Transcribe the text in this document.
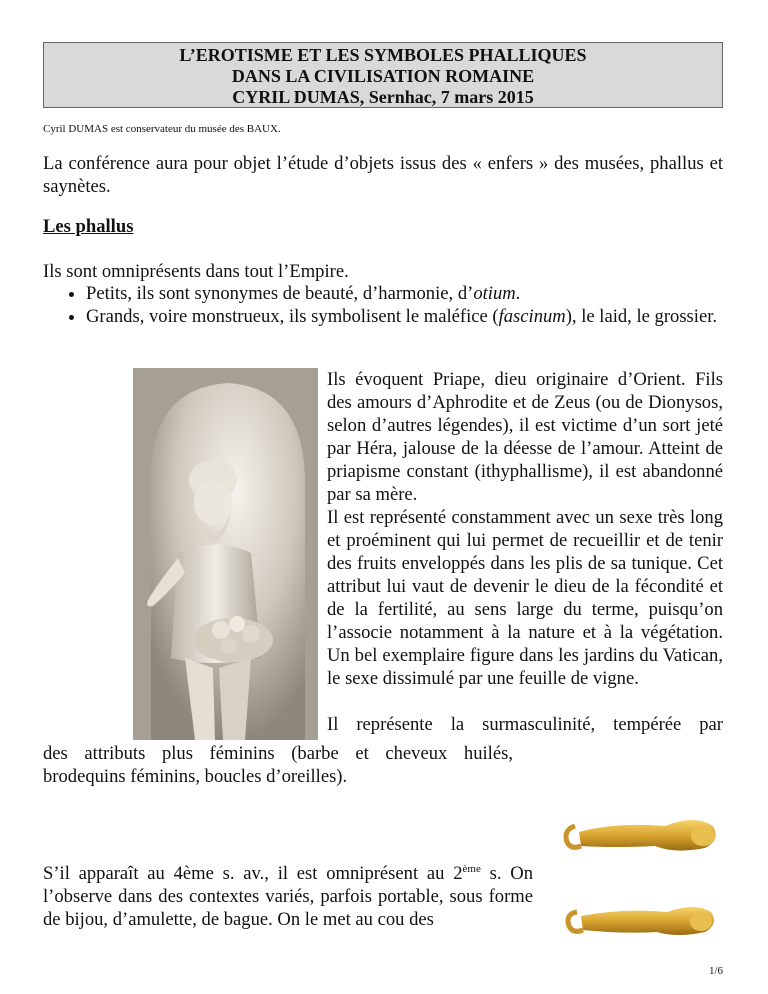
L’EROTISME ET LES SYMBOLES PHALLIQUES
DANS LA CIVILISATION ROMAINE
CYRIL DUMAS, Sernhac, 7 mars 2015
Cyril DUMAS est conservateur du musée des BAUX.
La conférence aura pour objet l’étude d’objets issus des « enfers » des musées, phallus et saynètes.
Les phallus
Ils sont omniprésents dans tout l’Empire.
• Petits, ils sont synonymes de beauté, d’harmonie, d’otium.
• Grands, voire monstrueux, ils symbolisent le maléfice (fascinum), le laid, le grossier.

Ils évoquent Priape, dieu originaire d’Orient. Fils des amours d’Aphrodite et de Zeus (ou de Dionysos, selon d’autres légendes), il est victime d’un sort jeté par Héra, jalouse de la déesse de l’amour. Atteint de priapisme constant (ithyphallisme), il est abandonné par sa mère.

Il est représenté constamment avec un sexe très long et proéminent qui lui permet de recueillir et de tenir des fruits enveloppés dans les plis de sa tunique. Cet attribut lui vaut de devenir le dieu de la fécondité et de la fertilité, au sens large du terme, puisqu’on l’associe notamment à la nature et à la végétation. Un bel exemplaire figure dans les jardins du Vatican, le sexe dissimulé par une feuille de vigne.

Il représente la surmasculinité, tempérée par

des attributs plus féminins (barbe et cheveux huilés, brodequins féminins, boucles d’oreilles).
S’il apparaît au 4ème s. av., il est omniprésent au 2ème s. On l’observe dans des contextes variés, parfois portable, sous forme de bijou, d’amulette, de bague. On le met au cou des
1/6
